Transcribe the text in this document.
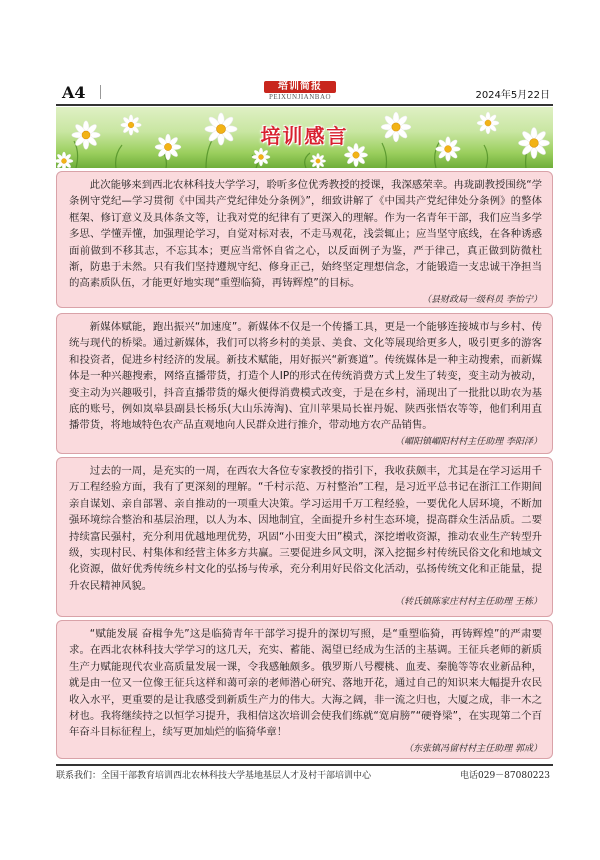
A4	培训简报
PEIXUNJIANBAO	2024年5月22日
培训感言

此次能够来到西北农林科技大学学习，聆听多位优秀教授的授课，我深感荣幸。冉珑副教授围绕“学条例守党纪—学习贯彻《中国共产党纪律处分条例》”，细致讲解了《中国共产党纪律处分条例》的整体框架、修订意义及具体条文等，让我对党的纪律有了更深入的理解。作为一名青年干部，我们应当多学多思、学懂弄懂，加强理论学习，自觉对标对表，不走马观花，浅尝辄止；应当坚守底线，在各种诱惑面前做到不移其志，不忘其本；更应当常怀自省之心，以反面例子为鉴，严于律己，真正做到防微杜渐，防患于未然。只有我们坚持遵规守纪、修身正己，始终坚定理想信念，才能锻造一支忠诚干净担当的高素质队伍，才能更好地实现“重塑临猗，再铸辉煌”的目标。

（县财政局一级科员 李怡宁）

新媒体赋能，跑出振兴“加速度”。新媒体不仅是一个传播工具，更是一个能够连接城市与乡村、传统与现代的桥梁。通过新媒体，我们可以将乡村的美景、美食、文化等展现给更多人，吸引更多的游客和投资者，促进乡村经济的发展。新技术赋能，用好振兴“新赛道”。传统媒体是一种主动搜索，而新媒体是一种兴趣搜索，网络直播带货，打造个人IP的形式在传统消费方式上发生了转变，变主动为被动，变主动为兴趣吸引，抖音直播带货的爆火便得消费模式改变，于是在乡村，涌现出了一批批以助农为基底的账号，例如岚皋县副县长杨乐(大山乐涛淘)、宜川苹果局长崔丹妮、陕西张悟农等等，他们利用直播带货，将地域特色农产品直观地向人民群众进行推介，带动地方农产品销售。

（嵋阳镇嵋阳村村主任助理 李阳泽）

过去的一周，是充实的一周，在西农大各位专家教授的指引下，我收获颇丰，尤其是在学习运用千万工程经验方面，我有了更深刻的理解。“千村示范、万村整治”工程，是习近平总书记在浙江工作期间亲自谋划、亲自部署、亲自推动的一项重大决策。学习运用千万工程经验，一要优化人居环境，不断加强环境综合整治和基层治理，以人为本、因地制宜，全面提升乡村生态环境，提高群众生活品质。二要持续富民强村，充分利用优越地理优势，巩固“小田变大田”模式，深挖增收资源，推动农业生产转型升级，实现村民、村集体和经营主体多方共赢。三要促进乡风文明，深入挖掘乡村传统民俗文化和地域文化资源，做好优秀传统乡村文化的弘扬与传承，充分利用好民俗文化活动，弘扬传统文化和正能量，提升农民精神风貌。

（转氏镇陈家庄村村主任助理 王栋）

“赋能发展 奋楫争先”这是临猗青年干部学习提升的深切写照，是“重塑临猗，再铸辉煌”的严肃要求。在西北农林科技大学学习的这几天，充实、蓄能、渴望已经成为生活的主基调。王征兵老师的新质生产力赋能现代农业高质量发展一课，令我感触颇多。俄罗斯八号樱桃、血麦、秦脆等等农业新品种，就是由一位又一位像王征兵这样和蔼可亲的老师潜心研究、落地开花，通过自己的知识来大幅提升农民收入水平，更重要的是让我感受到新质生产力的伟大。大海之阔，非一流之归也，大厦之成，非一木之材也。我将继续持之以恒学习提升，我相信这次培训会使我们练就“宽肩膀”“硬脊梁”，在实现第二个百年奋斗目标征程上，续写更加灿烂的临猗华章！

（东张镇冯留村村主任助理 郭成）
联系我们：全国干部教育培训西北农林科技大学基地基层人才及村干部培训中心	电话029－87080223
